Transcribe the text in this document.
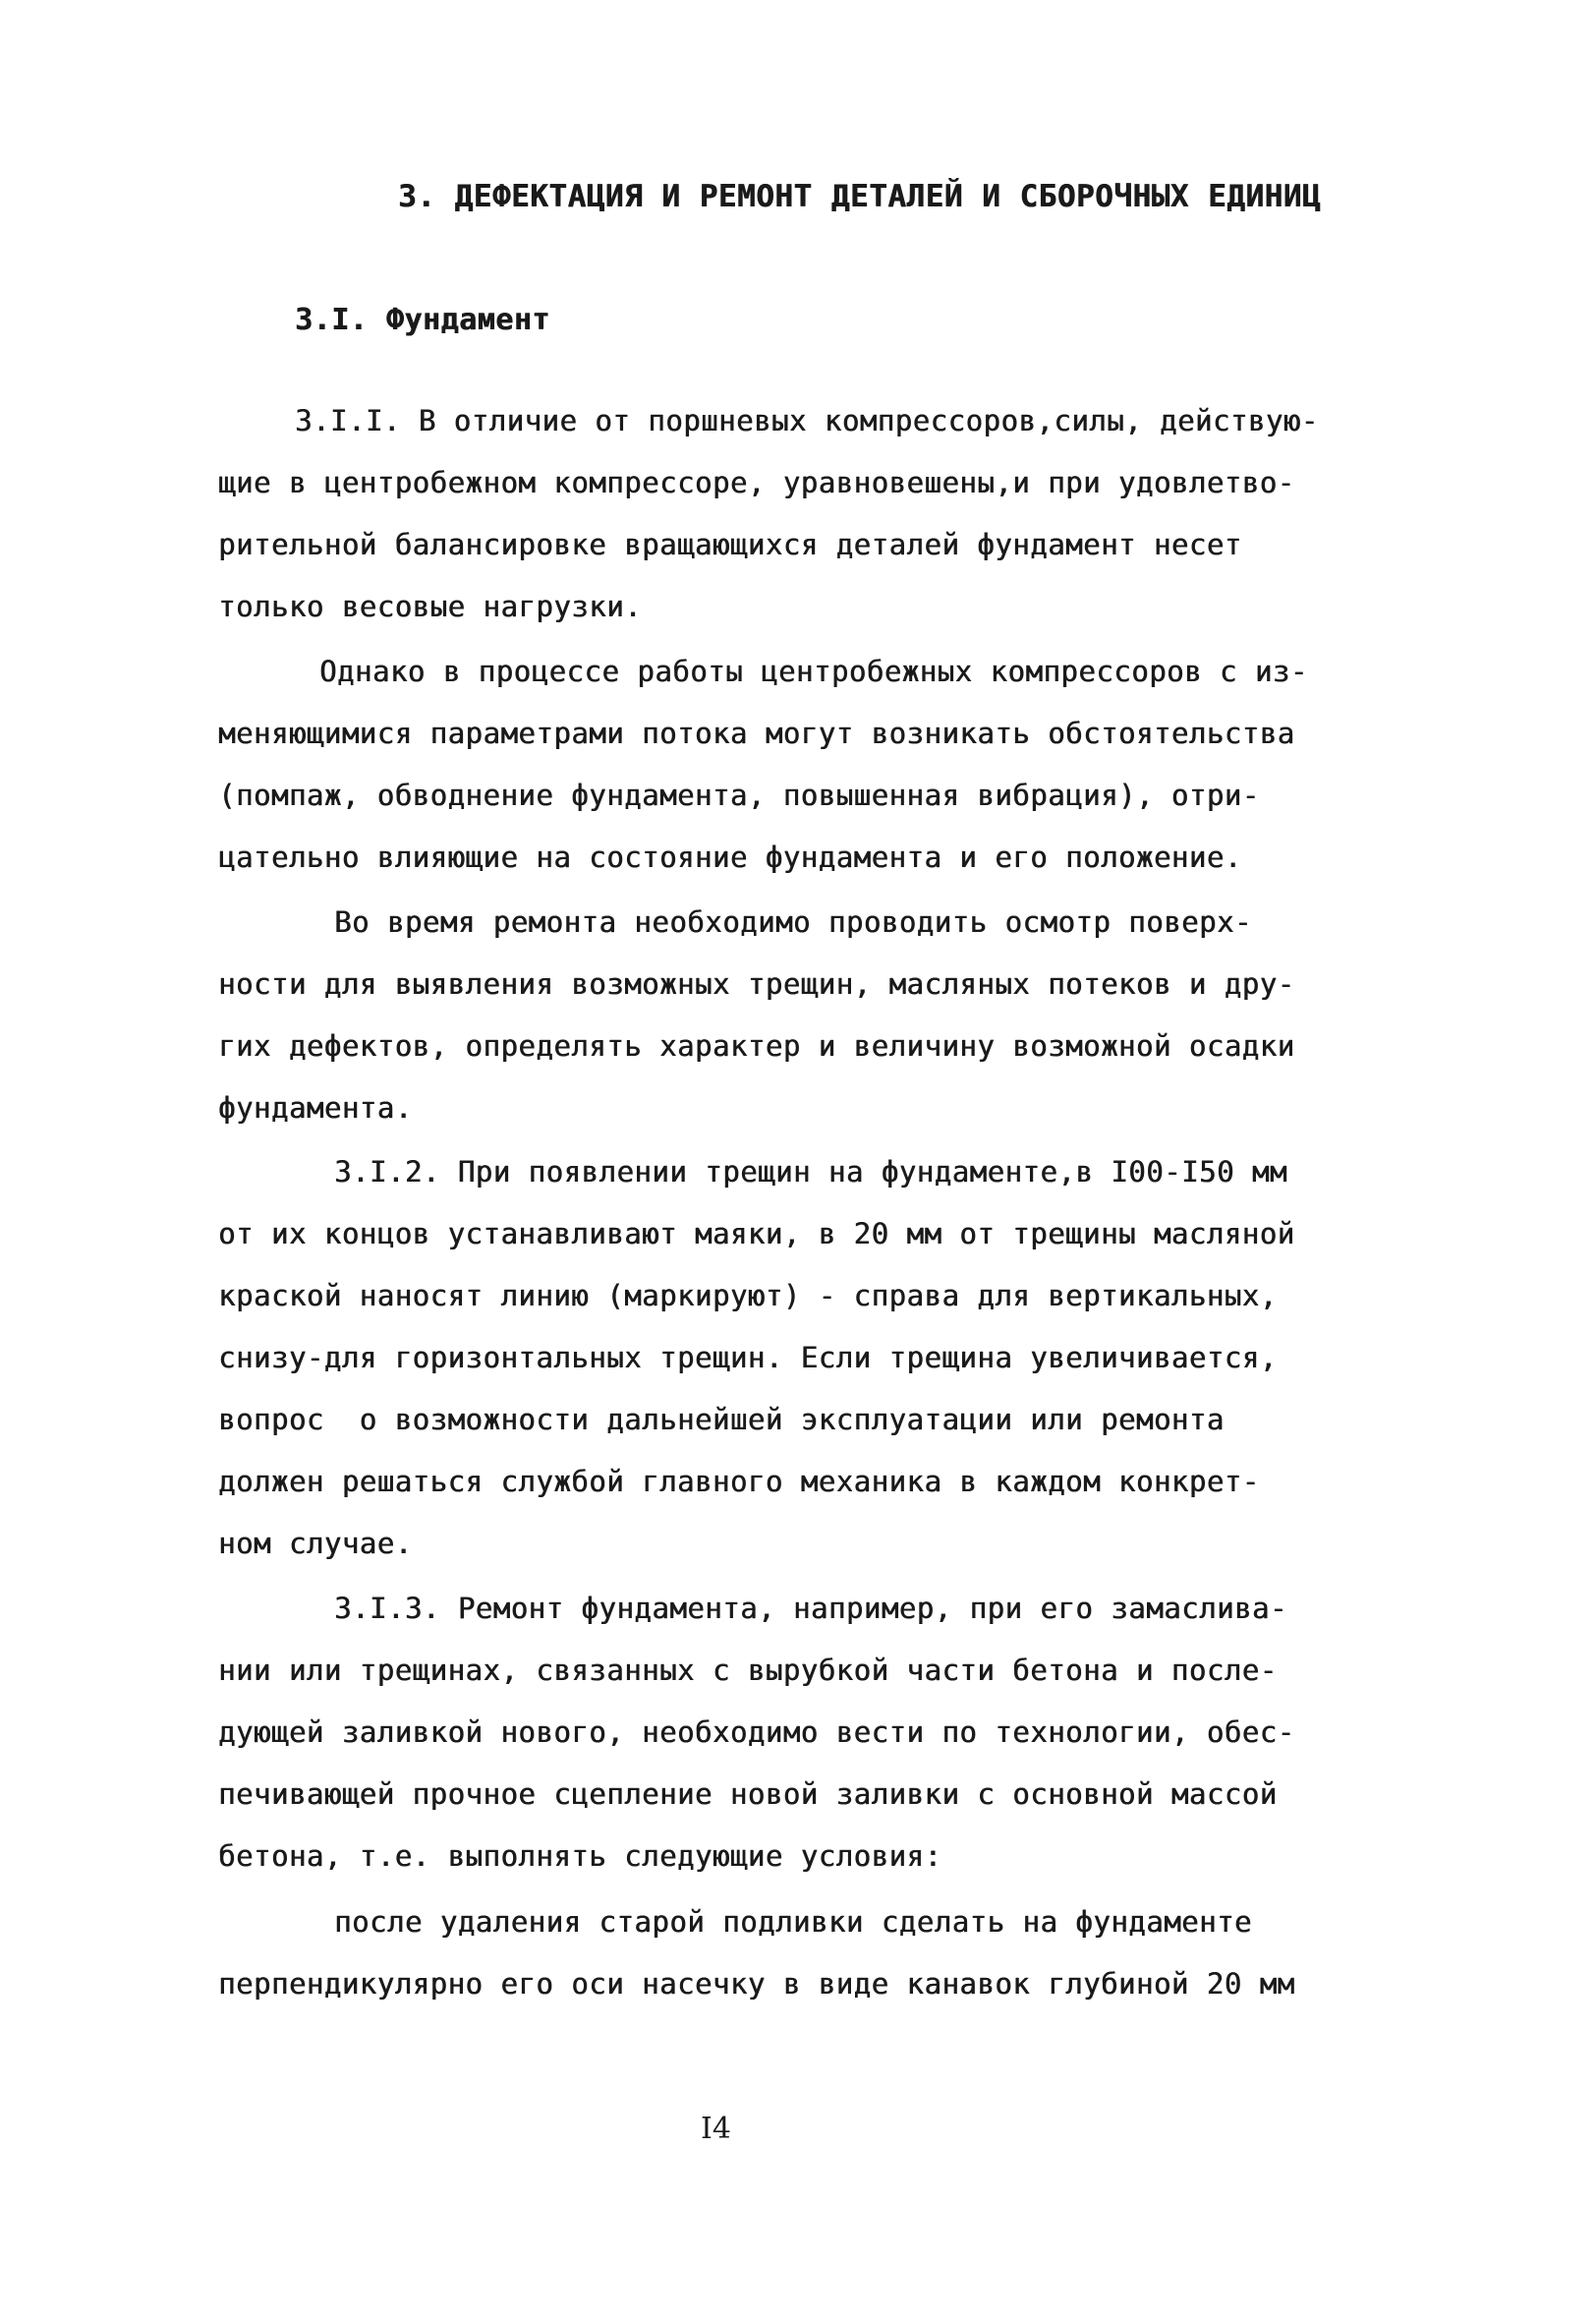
3. ДЕФЕКТАЦИЯ И РЕМОНТ ДЕТАЛЕЙ И СБОРОЧНЫХ ЕДИНИЦ
3.I. Фундамент
3.I.I. В отличие от поршневых компрессоров,силы, действую-
щие в центробежном компрессоре, уравновешены,и при удовлетво-
рительной балансировке вращающихся деталей фундамент несет
только весовые нагрузки.
Однако в процессе работы центробежных компрессоров с из-
меняющимися параметрами потока могут возникать обстоятельства
(помпаж, обводнение фундамента, повышенная вибрация), отри-
цательно влияющие на состояние фундамента и его положение.
Во время ремонта необходимо проводить осмотр поверх-
ности для выявления возможных трещин, масляных потеков и дру-
гих дефектов, определять характер и величину возможной осадки
фундамента.
3.I.2. При появлении трещин на фундаменте,в I00-I50 мм
от их концов устанавливают маяки, в 20 мм от трещины масляной
краской наносят линию (маркируют) - справа для вертикальных,
снизу-для горизонтальных трещин. Если трещина увеличивается,
вопрос  о возможности дальнейшей эксплуатации или ремонта
должен решаться службой главного механика в каждом конкрет-
ном случае.
3.I.3. Ремонт фундамента, например, при его замасливa-
нии или трещинах, связанных с вырубкой части бетона и после-
дующей заливкой нового, необходимо вести по технологии, обес-
печивающей прочное сцепление новой заливки с основной массой
бетона, т.е. выполнять следующие условия:
после удаления старой подливки сделать на фундаменте
перпендикулярно его оси насечку в виде канавок глубиной 20 мм
I4
